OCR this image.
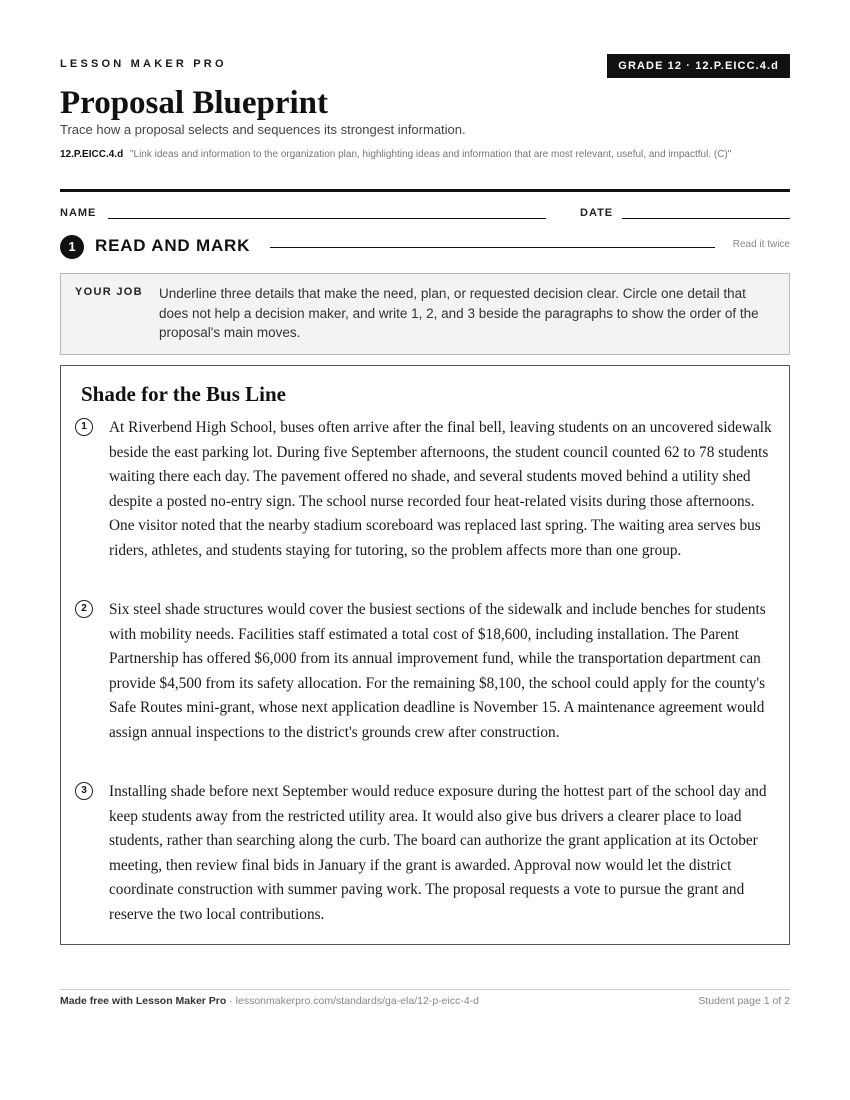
LESSON MAKER PRO	GRADE 12 · 12.P.EICC.4.d
Proposal Blueprint
Trace how a proposal selects and sequences its strongest information.
12.P.EICC.4.d "Link ideas and information to the organization plan, highlighting ideas and information that are most relevant, useful, and impactful. (C)"
NAME	DATE
1	READ AND MARK	Read it twice
YOUR JOB Underline three details that make the need, plan, or requested decision clear. Circle one detail that does not help a decision maker, and write 1, 2, and 3 beside the paragraphs to show the order of the proposal's main moves.
Shade for the Bus Line
1	At Riverbend High School, buses often arrive after the final bell, leaving students on an uncovered sidewalk beside the east parking lot. During five September afternoons, the student council counted 62 to 78 students waiting there each day. The pavement offered no shade, and several students moved behind a utility shed despite a posted no-entry sign. The school nurse recorded four heat-related visits during those afternoons. One visitor noted that the nearby stadium scoreboard was replaced last spring. The waiting area serves bus riders, athletes, and students staying for tutoring, so the problem affects more than one group.

2	Six steel shade structures would cover the busiest sections of the sidewalk and include benches for students with mobility needs. Facilities staff estimated a total cost of $18,600, including installation. The Parent Partnership has offered $6,000 from its annual improvement fund, while the transportation department can provide $4,500 from its safety allocation. For the remaining $8,100, the school could apply for the county's Safe Routes mini-grant, whose next application deadline is November 15. A maintenance agreement would assign annual inspections to the district's grounds crew after construction.

3	Installing shade before next September would reduce exposure during the hottest part of the school day and keep students away from the restricted utility area. It would also give bus drivers a clearer place to load students, rather than searching along the curb. The board can authorize the grant application at its October meeting, then review final bids in January if the grant is awarded. Approval now would let the district coordinate construction with summer paving work. The proposal requests a vote to pursue the grant and reserve the two local contributions.

Made free with Lesson Maker Pro · lessonmakerpro.com/standards/ga-ela/12-p-eicc-4-d	Student page 1 of 2
